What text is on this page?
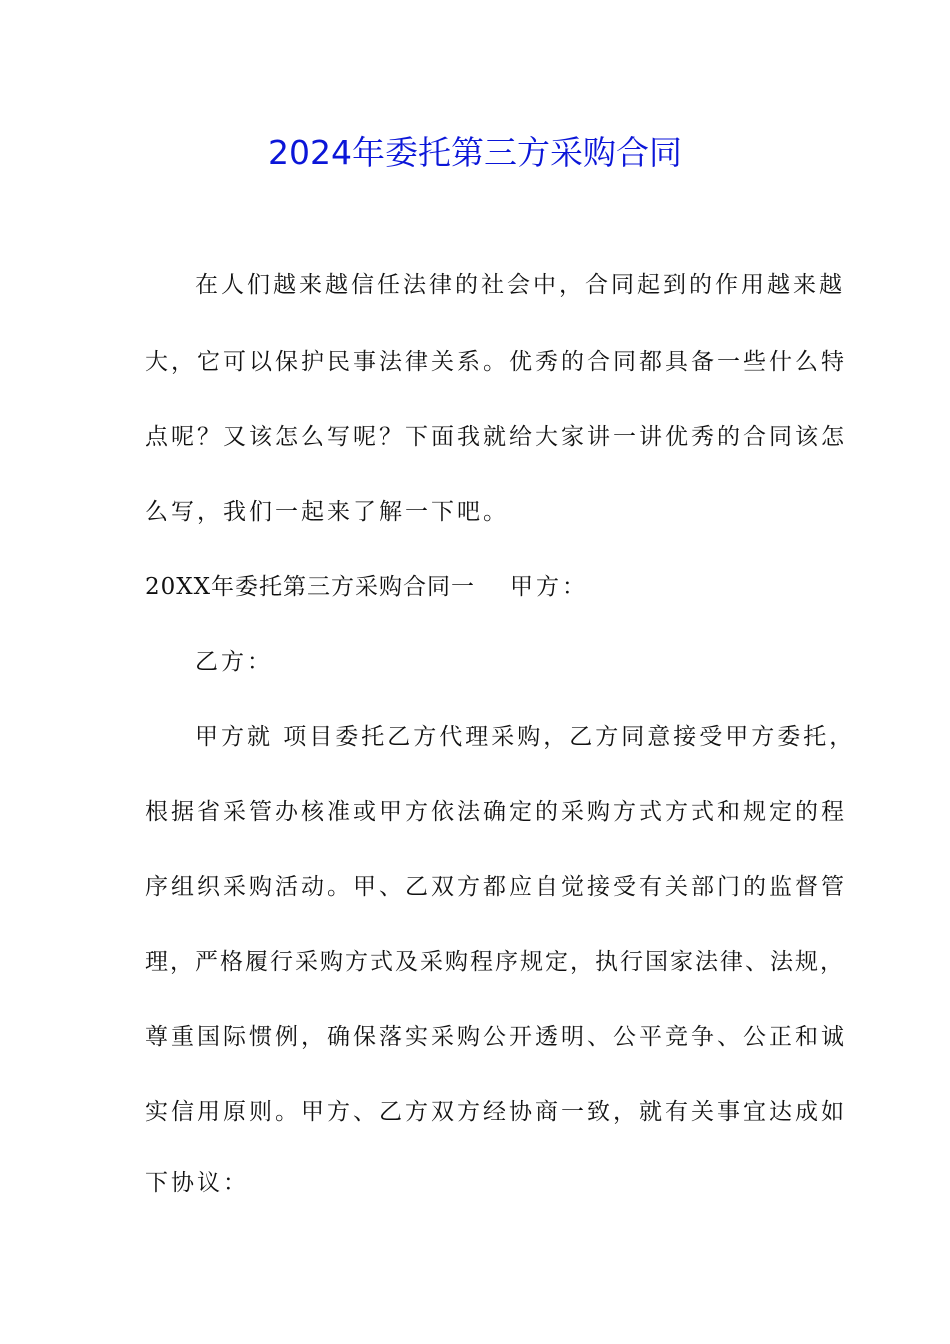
2024年委托第三方采购合同
在人们越来越信任法律的社会中，合同起到的作用越来越
大，它可以保护民事法律关系。优秀的合同都具备一些什么特
点呢？又该怎么写呢？下面我就给大家讲一讲优秀的合同该怎
么写，我们一起来了解一下吧。
20XX年委托第三方采购合同一 甲方：
乙方：
甲方就 项目委托乙方代理采购，乙方同意接受甲方委托，
根据省采管办核准或甲方依法确定的采购方式方式和规定的程
序组织采购活动。甲、乙双方都应自觉接受有关部门的监督管
理，严格履行采购方式及采购程序规定，执行国家法律、法规，
尊重国际惯例，确保落实采购公开透明、公平竞争、公正和诚
实信用原则。甲方、乙方双方经协商一致，就有关事宜达成如
下协议：
